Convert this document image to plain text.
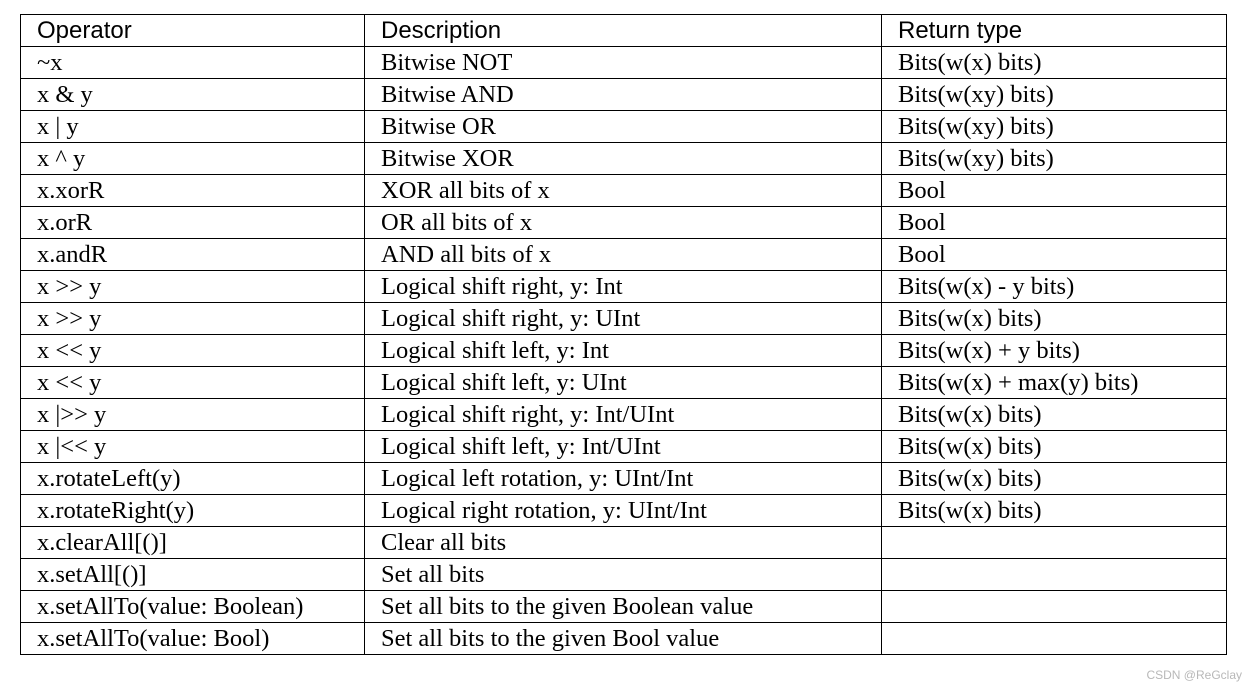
Operator	Description	Return type
~x	Bitwise NOT	Bits(w(x) bits)
x & y	Bitwise AND	Bits(w(xy) bits)
x | y	Bitwise OR	Bits(w(xy) bits)
x ^ y	Bitwise XOR	Bits(w(xy) bits)
x.xorR	XOR all bits of x	Bool
x.orR	OR all bits of x	Bool
x.andR	AND all bits of x	Bool
x >> y	Logical shift right, y: Int	Bits(w(x) - y bits)
x >> y	Logical shift right, y: UInt	Bits(w(x) bits)
x << y	Logical shift left, y: Int	Bits(w(x) + y bits)
x << y	Logical shift left, y: UInt	Bits(w(x) + max(y) bits)
x |>> y	Logical shift right, y: Int/UInt	Bits(w(x) bits)
x |<< y	Logical shift left, y: Int/UInt	Bits(w(x) bits)
x.rotateLeft(y)	Logical left rotation, y: UInt/Int	Bits(w(x) bits)
x.rotateRight(y)	Logical right rotation, y: UInt/Int	Bits(w(x) bits)
x.clearAll[()]	Clear all bits	
x.setAll[()]	Set all bits	
x.setAllTo(value: Boolean)	Set all bits to the given Boolean value	
x.setAllTo(value: Bool)	Set all bits to the given Bool value	
CSDN @ReGclay
